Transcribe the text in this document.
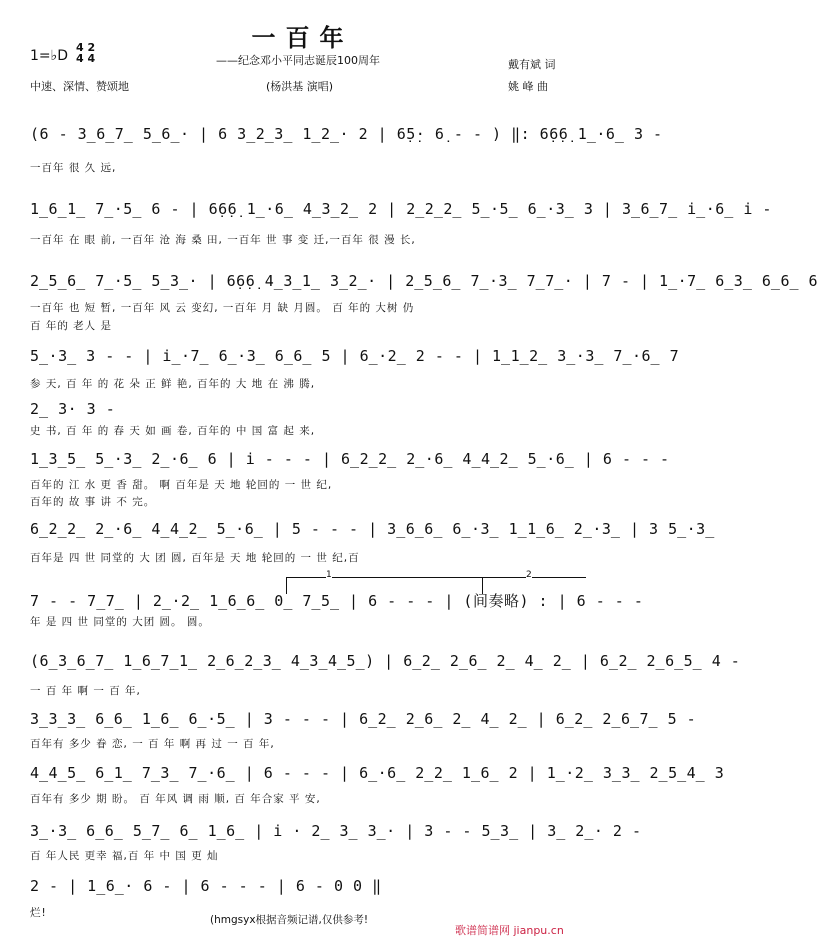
一百年
——纪念邓小平同志诞辰100周年
1=♭D
4 2
4 4
中速、深情、赞颂地	(杨洪基 演唱)
戴有斌 词
姚 峰 曲
(6 - 3̲6̲7̲ 5̲6̲· | 6 3̲2̲3̲ 1̲2̲· 2 | 6̣5̣· 6̣ - - ) ‖: 6̣6̣6̣ 1̲·6̲ 3 -
一百年 很 久 远,
1̲6̲1̲ 7̲·5̲ 6 - | 6̣6̣6̣ 1̲·6̲ 4̲3̲2̲ 2 | 2̲2̲2̲ 5̲·5̲ 6̲·3̲ 3 | 3̲6̲7̲ i̲·6̲ i -
一百年 在 眼 前, 一百年 沧 海 桑 田, 一百年 世 事 变 迁,一百年 很 漫 长,
2̲5̲6̲ 7̲·5̲ 5̲3̲· | 6̣6̣6̣ 4̲3̲1̲ 3̲2̲· | 2̲5̲6̲ 7̲·3̲ 7̲7̲· | 7 - | 1̲·7̲ 6̲3̲ 6̲6̲ 6
一百年 也 短 暂, 一百年 风 云 变幻, 一百年 月 缺 月圆。 百 年的 大树 仍
百 年的 老人 是
5̲·3̲ 3 - - | i̲·7̲ 6̲·3̲ 6̲6̲ 5 | 6̲·2̲ 2 - - | 1̲1̲2̲ 3̲·3̲ 7̲·6̲ 7
参 天, 百 年 的 花 朵 正 鲜 艳, 百年的 大 地 在 沸 腾,
2̲ 3· 3 -
史 书, 百 年 的 春 天 如 画 卷, 百年的 中 国 富 起 来,
1̲3̲5̲ 5̲·3̲ 2̲·6̲ 6 | i - - - | 6̲2̲2̲ 2̲·6̲ 4̲4̲2̲ 5̲·6̲ | 6 - - -
百年的 江 水 更 香 甜。 啊 百年是 天 地 轮回的 一 世 纪,
百年的 故 事 讲 不 完。
6̲2̲2̲ 2̲·6̲ 4̲4̲2̲ 5̲·6̲ | 5 - - - | 3̲6̲6̲ 6̲·3̲ 1̲1̲6̲ 2̲·3̲ | 3 5̲·3̲
百年是 四 世 同堂的 大 团 圆, 百年是 天 地 轮回的 一 世 纪,百
1	2
7 - - 7̲7̲ | 2̲·2̲ 1̲6̲6̲ 0̲ 7̲5̲ | 6 - - - | (间奏略) : | 6 - - -
年 是 四 世 同堂的 大团 圆。 圆。
(6̲3̲6̲7̲ 1̲6̲7̲1̲ 2̲6̲2̲3̲ 4̲3̲4̲5̲) | 6̲2̲ 2̲6̲ 2̲ 4̲ 2̲ | 6̲2̲ 2̲6̲5̲ 4 -
一 百 年 啊 一 百 年,
3̲3̲3̲ 6̲6̲ 1̲6̲ 6̲·5̲ | 3 - - - | 6̲2̲ 2̲6̲ 2̲ 4̲ 2̲ | 6̲2̲ 2̲6̲7̲ 5 -
百年有 多少 眷 恋, 一 百 年 啊 再 过 一 百 年,
4̲4̲5̲ 6̲1̲ 7̲3̲ 7̲·6̲ | 6 - - - | 6̲·6̲ 2̲2̲ 1̲6̲ 2 | 1̲·2̲ 3̲3̲ 2̲5̲4̲ 3
百年有 多少 期 盼。 百 年风 调 雨 顺, 百 年合家 平 安,
3̲·3̲ 6̲6̲ 5̲7̲ 6̲ 1̲6̲ | i · 2̲ 3̲ 3̲· | 3 - - 5̲3̲ | 3̲ 2̲· 2 -
百 年人民 更幸 福,百 年 中 国 更 灿
2 - | 1̲6̲· 6 - | 6 - - - | 6 - 0 0 ‖
烂!
(hmgsyx根据音频记谱,仅供参考!
歌谱简谱网 jianpu.cn
